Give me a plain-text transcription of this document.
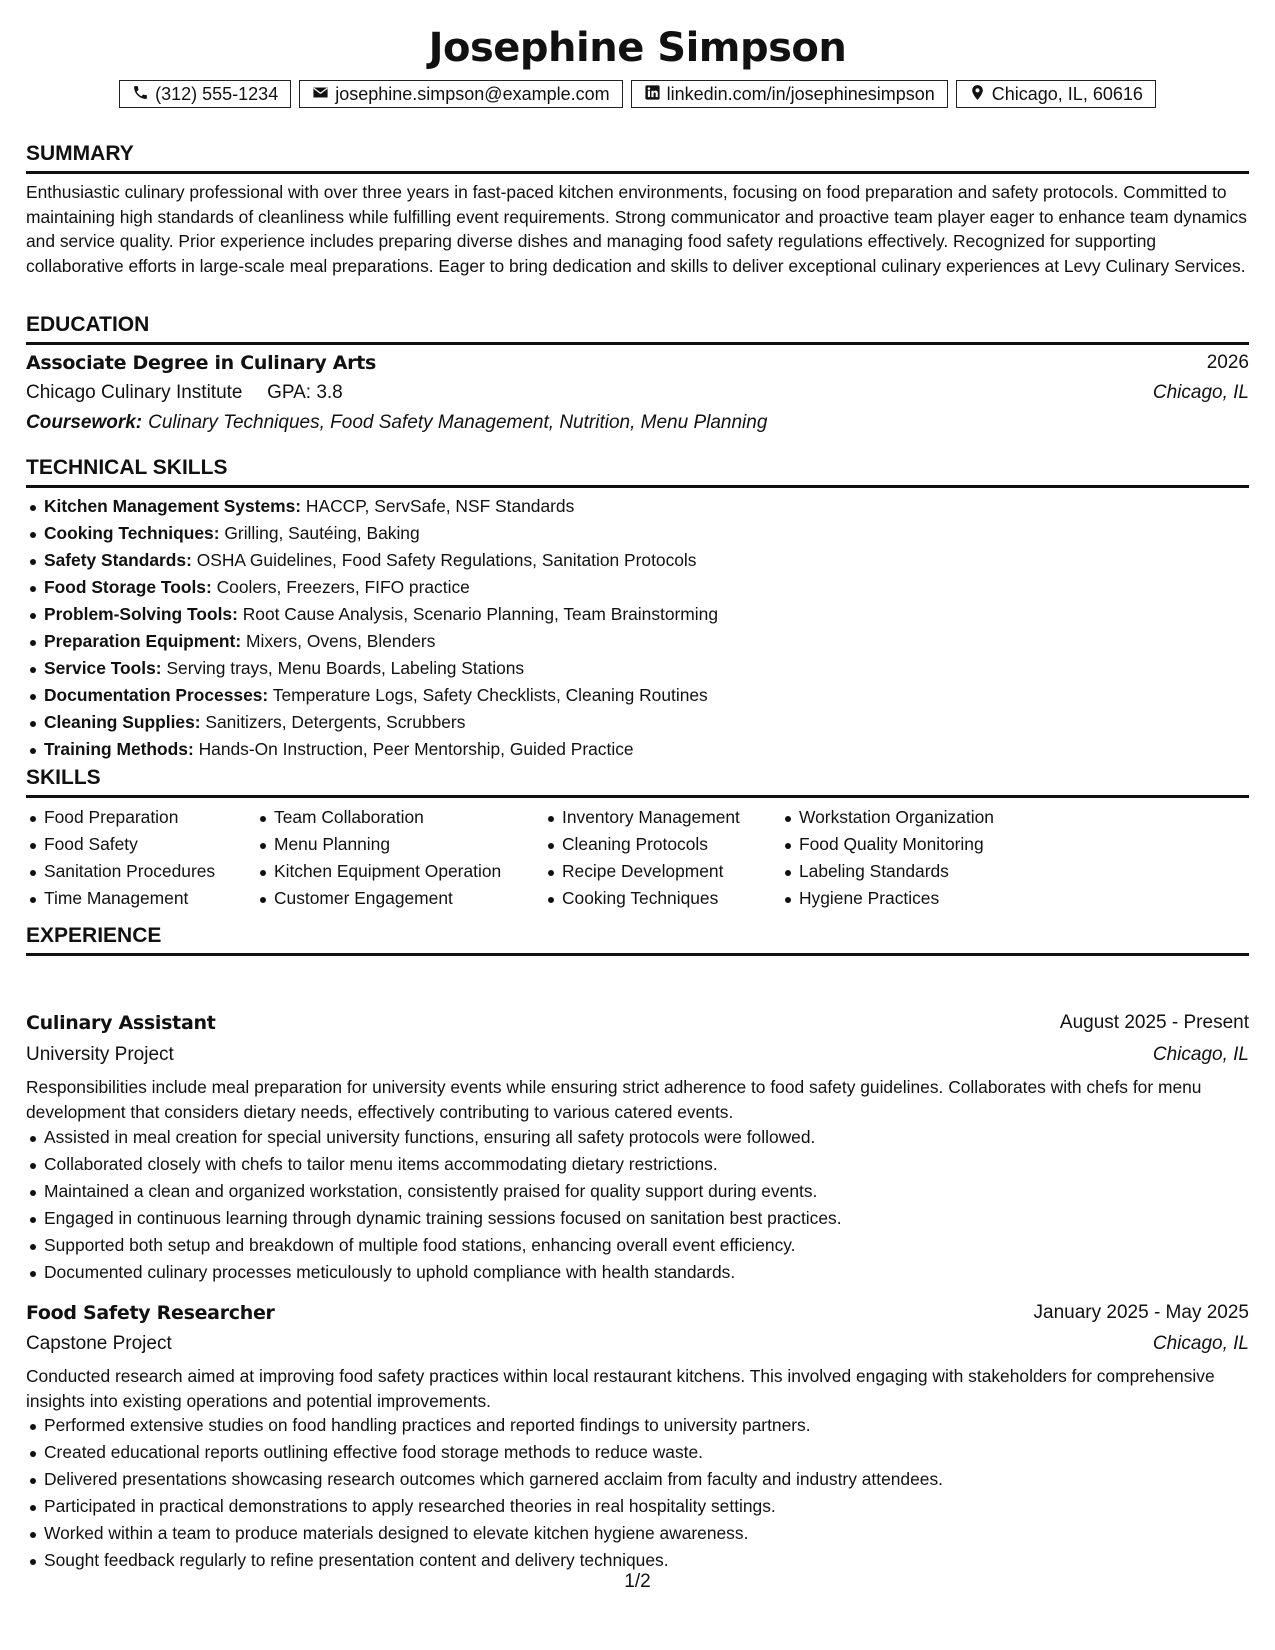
Josephine Simpson
(312) 555-1234	josephine.simpson@example.com	linkedin.com/in/josephinesimpson	Chicago, IL, 60616
SUMMARY

Enthusiastic culinary professional with over three years in fast-paced kitchen environments, focusing on food preparation and safety protocols. Committed to maintaining high standards of cleanliness while fulfilling event requirements. Strong communicator and proactive team player eager to enhance team dynamics and service quality. Prior experience includes preparing diverse dishes and managing food safety regulations effectively. Recognized for supporting collaborative efforts in large-scale meal preparations. Eager to bring dedication and skills to deliver exceptional culinary experiences at Levy Culinary Services.

EDUCATION
Associate Degree in Culinary Arts	2026
Chicago Culinary Institute GPA: 3.8	Chicago, IL
Coursework: Culinary Techniques, Food Safety Management, Nutrition, Menu Planning
TECHNICAL SKILLS
Kitchen Management Systems: HACCP, ServSafe, NSF Standards
Cooking Techniques: Grilling, Sautéing, Baking
Safety Standards: OSHA Guidelines, Food Safety Regulations, Sanitation Protocols
Food Storage Tools: Coolers, Freezers, FIFO practice
Problem-Solving Tools: Root Cause Analysis, Scenario Planning, Team Brainstorming
Preparation Equipment: Mixers, Ovens, Blenders
Service Tools: Serving trays, Menu Boards, Labeling Stations
Documentation Processes: Temperature Logs, Safety Checklists, Cleaning Routines
Cleaning Supplies: Sanitizers, Detergents, Scrubbers
Training Methods: Hands-On Instruction, Peer Mentorship, Guided Practice
SKILLS
Food Preparation
Food Safety
Sanitation Procedures
Time Management
Team Collaboration
Menu Planning
Kitchen Equipment Operation
Customer Engagement
Inventory Management
Cleaning Protocols
Recipe Development
Cooking Techniques
Workstation Organization
Food Quality Monitoring
Labeling Standards
Hygiene Practices
EXPERIENCE
Culinary Assistant	August 2025 - Present
University Project	Chicago, IL

Responsibilities include meal preparation for university events while ensuring strict adherence to food safety guidelines. Collaborates with chefs for menu development that considers dietary needs, effectively contributing to various catered events.

Assisted in meal creation for special university functions, ensuring all safety protocols were followed.
Collaborated closely with chefs to tailor menu items accommodating dietary restrictions.
Maintained a clean and organized workstation, consistently praised for quality support during events.
Engaged in continuous learning through dynamic training sessions focused on sanitation best practices.
Supported both setup and breakdown of multiple food stations, enhancing overall event efficiency.
Documented culinary processes meticulously to uphold compliance with health standards.
Food Safety Researcher	January 2025 - May 2025
Capstone Project	Chicago, IL

Conducted research aimed at improving food safety practices within local restaurant kitchens. This involved engaging with stakeholders for comprehensive insights into existing operations and potential improvements.

Performed extensive studies on food handling practices and reported findings to university partners.
Created educational reports outlining effective food storage methods to reduce waste.
Delivered presentations showcasing research outcomes which garnered acclaim from faculty and industry attendees.
Participated in practical demonstrations to apply researched theories in real hospitality settings.
Worked within a team to produce materials designed to elevate kitchen hygiene awareness.
Sought feedback regularly to refine presentation content and delivery techniques.
1/2
